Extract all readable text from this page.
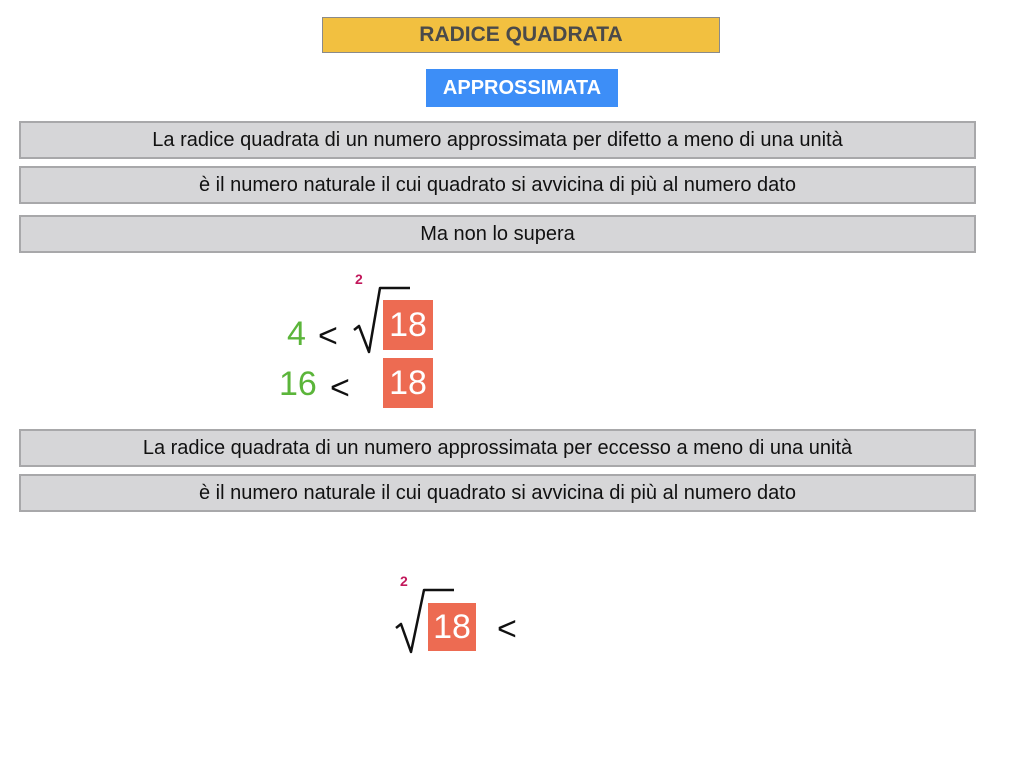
RADICE QUADRATA
APPROSSIMATA
La radice quadrata di un numero approssimata per difetto a meno di una unità
è il numero naturale il cui quadrato si avvicina di più al numero dato
Ma non lo supera
2
4 < 18
16 < 18
La radice quadrata di un numero approssimata per eccesso a meno di una unità
è il numero naturale il cui quadrato si avvicina di più al numero dato
2
18 <
